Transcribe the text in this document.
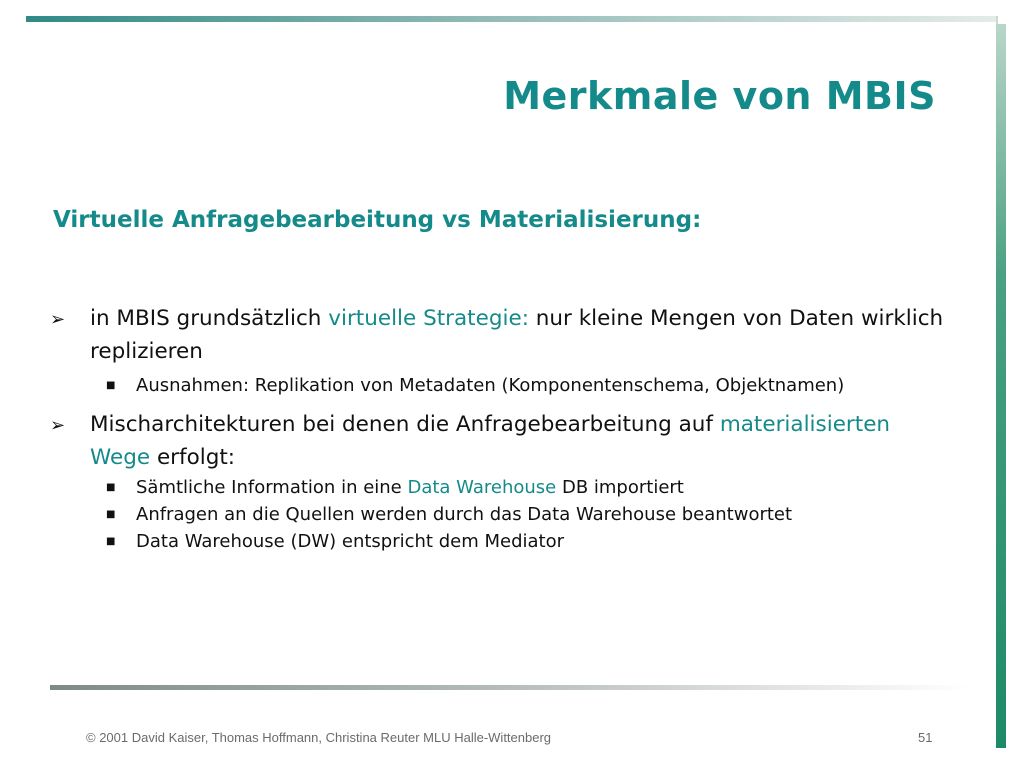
Merkmale von MBIS
Virtuelle Anfragebearbeitung vs Materialisierung:
➢	in MBIS grundsätzlich virtuelle Strategie: nur kleine Mengen von Daten wirklich replizieren
■	Ausnahmen: Replikation von Metadaten (Komponentenschema, Objektnamen)
➢	Mischarchitekturen bei denen die Anfragebearbeitung auf materialisierten Wege erfolgt:
■	Sämtliche Information in eine Data Warehouse DB importiert
■	Anfragen an die Quellen werden durch das Data Warehouse beantwortet
■	Data Warehouse (DW) entspricht dem Mediator
© 2001 David Kaiser, Thomas Hoffmann, Christina Reuter MLU Halle-Wittenberg	51
